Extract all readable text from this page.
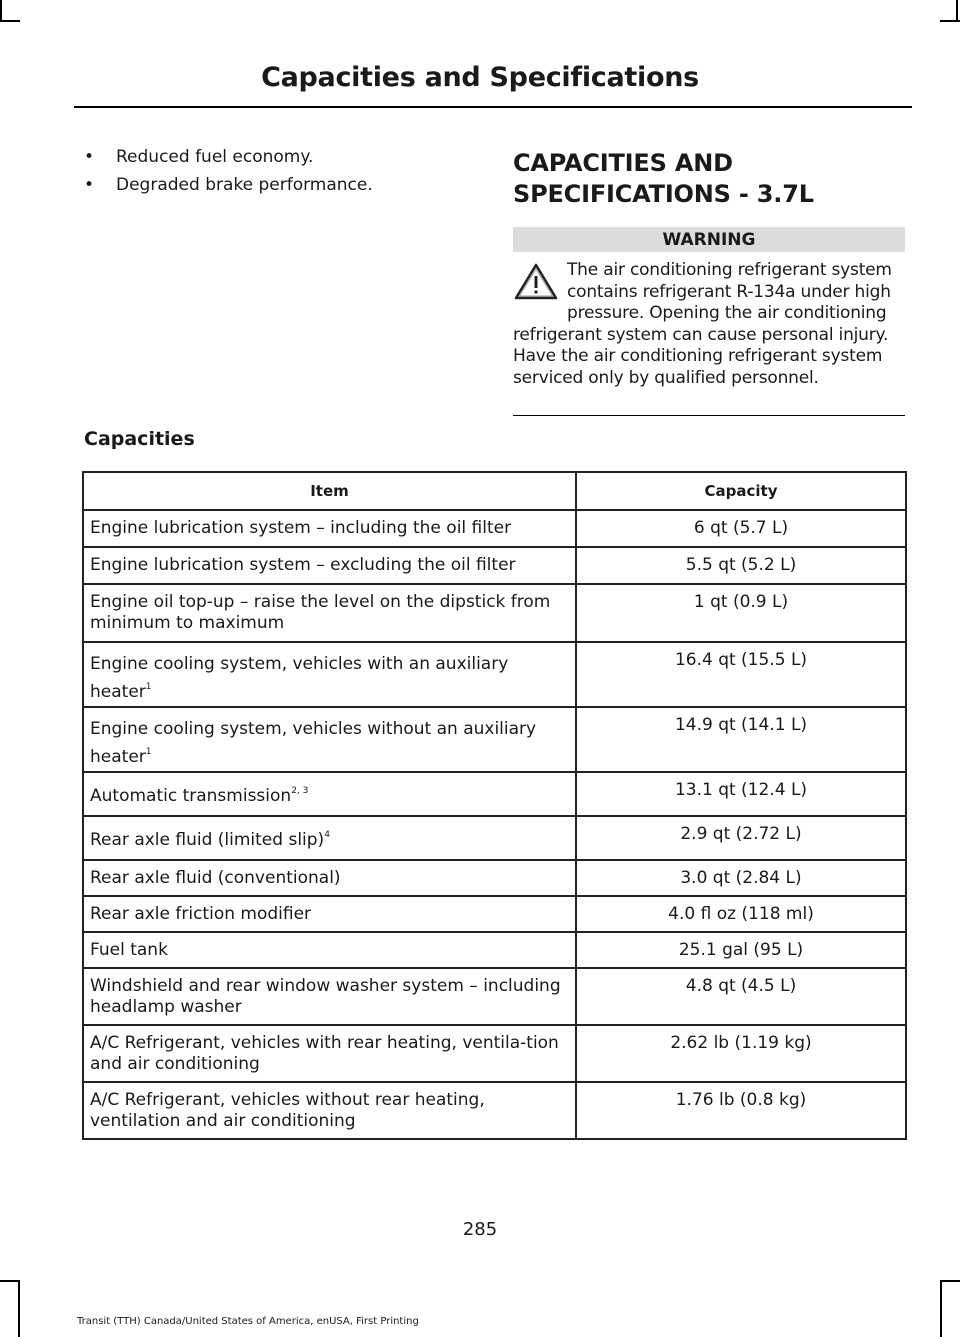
Capacities and Specifications
• Reduced fuel economy.
• Degraded brake performance.
CAPACITIES AND SPECIFICATIONS - 3.7L
WARNING
The air conditioning refrigerant system contains refrigerant R-134a under high pressure. Opening the air conditioning refrigerant system can cause personal injury. Have the air conditioning refrigerant system serviced only by qualified personnel.
Capacities
Item	Capacity
Engine lubrication system – including the oil filter	6 qt (5.7 L)
Engine lubrication system – excluding the oil filter	5.5 qt (5.2 L)
Engine oil top-up – raise the level on the dipstick from minimum to maximum	1 qt (0.9 L)
Engine cooling system, vehicles with an auxiliary heater$^1$	16.4 qt (15.5 L)
Engine cooling system, vehicles without an auxiliary heater$^1$	14.9 qt (14.1 L)
Automatic transmission$^{2, 3}$	13.1 qt (12.4 L)
Rear axle fluid (limited slip)$^4$	2.9 qt (2.72 L)
Rear axle fluid (conventional)	3.0 qt (2.84 L)
Rear axle friction modifier	4.0 fl oz (118 ml)
Fuel tank	25.1 gal (95 L)
Windshield and rear window washer system – including headlamp washer	4.8 qt (4.5 L)
A/C Refrigerant, vehicles with rear heating, ventila-tion and air conditioning	2.62 lb (1.19 kg)
A/C Refrigerant, vehicles without rear heating, ventilation and air conditioning	1.76 lb (0.8 kg)
285
Transit (TTH) Canada/United States of America, enUSA, First Printing
